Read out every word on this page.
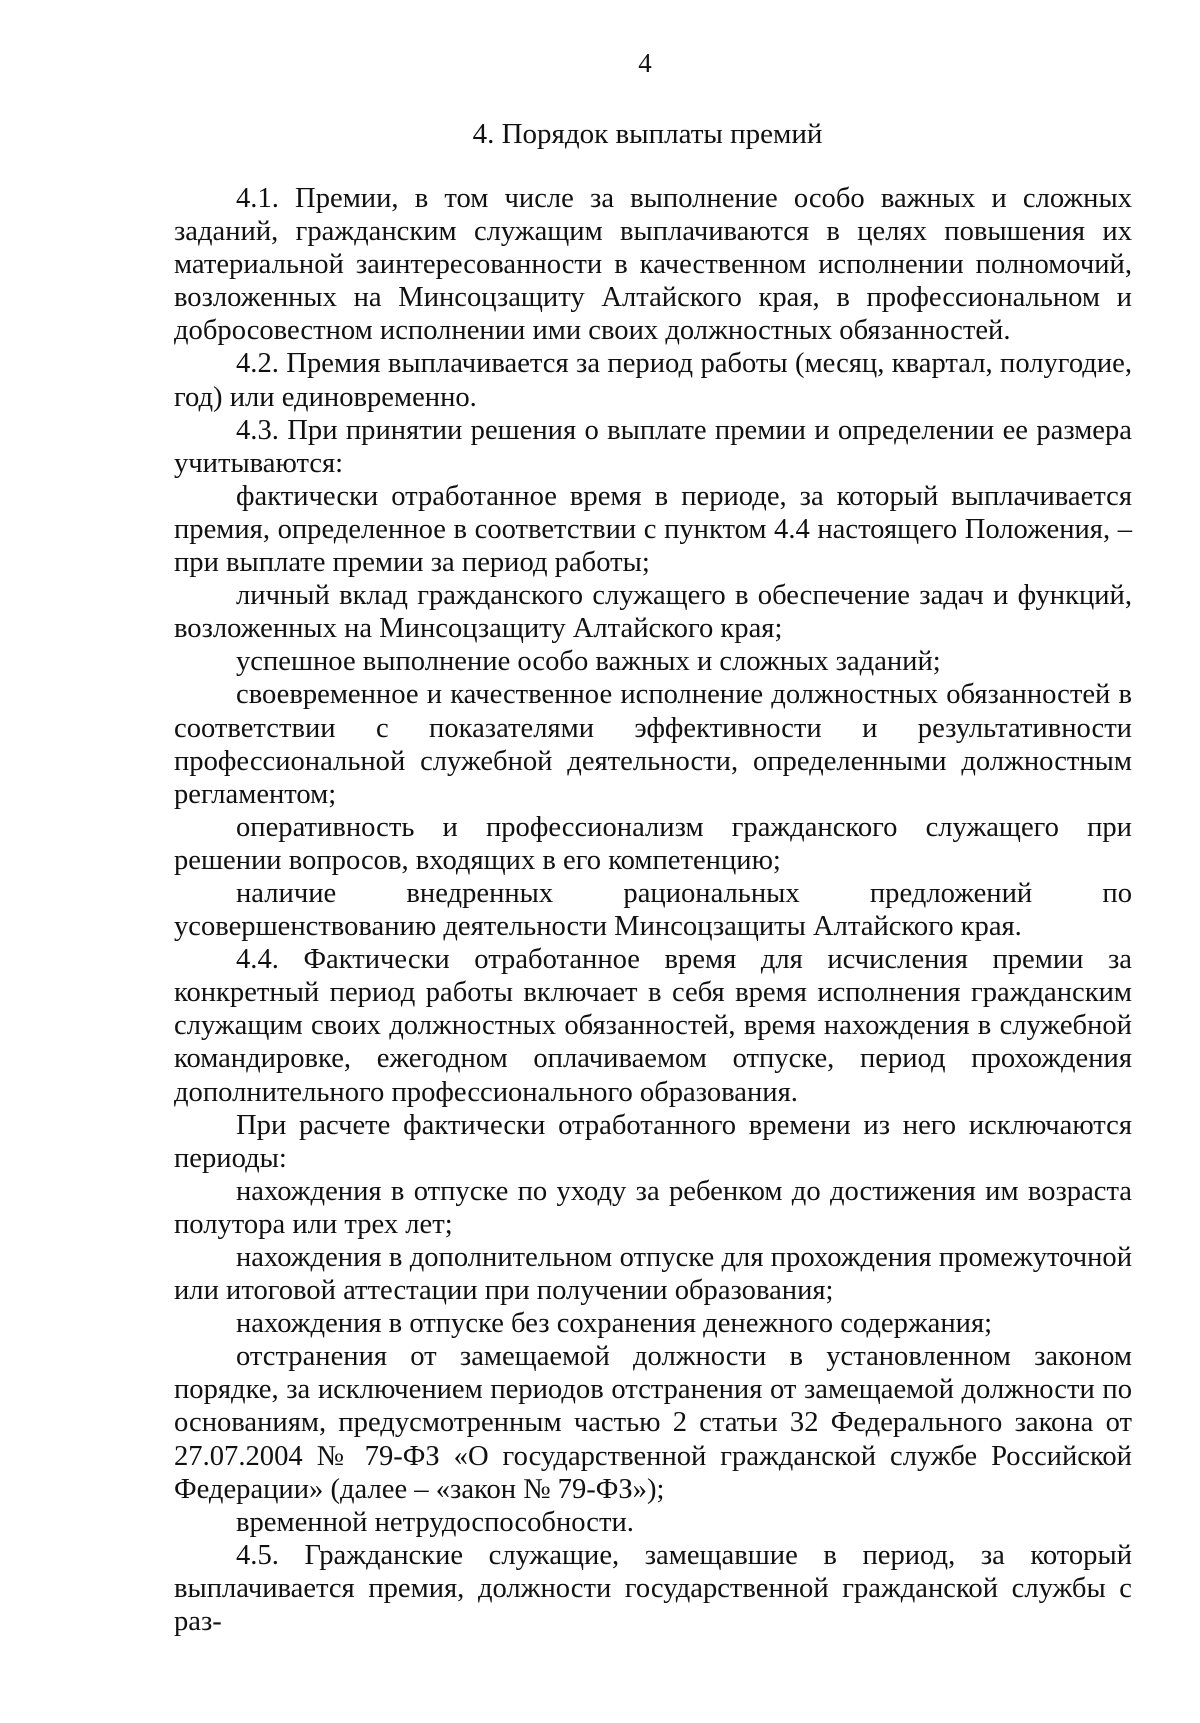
4
4. Порядок выплаты премий

4.1. Премии, в том числе за выполнение особо важных и сложных заданий, гражданским служащим выплачиваются в целях повышения их материальной заинтересованности в качественном исполнении полномочий, возложенных на Минсоцзащиту Алтайского края, в профессиональном и добросовестном исполнении ими своих должностных обязанностей.

4.2. Премия выплачивается за период работы (месяц, квартал, полугодие, год) или единовременно.

4.3. При принятии решения о выплате премии и определении ее размера учитываются:

фактически отработанное время в периоде, за который выплачивается премия, определенное в соответствии с пунктом 4.4 настоящего Положения, – при выплате премии за период работы;

личный вклад гражданского служащего в обеспечение задач и функций, возложенных на Минсоцзащиту Алтайского края;

успешное выполнение особо важных и сложных заданий;

своевременное и качественное исполнение должностных обязанностей в соответствии с показателями эффективности и результативности профессиональной служебной деятельности, определенными должностным регламентом;

оперативность и профессионализм гражданского служащего при решении вопросов, входящих в его компетенцию;

наличие внедренных рациональных предложений по усовершенствованию деятельности Минсоцзащиты Алтайского края.

4.4. Фактически отработанное время для исчисления премии за конкретный период работы включает в себя время исполнения гражданским служащим своих должностных обязанностей, время нахождения в служебной командировке, ежегодном оплачиваемом отпуске, период прохождения дополнительного профессионального образования.

При расчете фактически отработанного времени из него исключаются периоды:

нахождения в отпуске по уходу за ребенком до достижения им возраста полутора или трех лет;

нахождения в дополнительном отпуске для прохождения промежуточной или итоговой аттестации при получении образования;

нахождения в отпуске без сохранения денежного содержания;

отстранения от замещаемой должности в установленном законом порядке, за исключением периодов отстранения от замещаемой должности по основаниям, предусмотренным частью 2 статьи 32 Федерального закона от 27.07.2004 № 79-ФЗ «О государственной гражданской службе Российской Федерации» (далее – «закон № 79-ФЗ»);

временной нетрудоспособности.

4.5. Гражданские служащие, замещавшие в период, за который выплачивается премия, должности государственной гражданской службы с раз-
